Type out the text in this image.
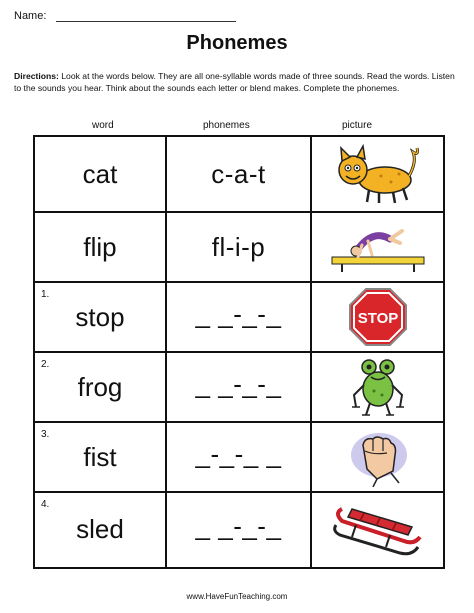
Name:
Phonemes
Directions: Look at the words below. They are all one-syllable words made of three sounds. Read the words. Listen to the sounds you hear. Think about the sounds each letter or blend makes. Complete the phonemes.
word	phonemes	picture
cat	c-a-t
flip	fl-i-p
1.
stop	_ _-_-_	STOP
2.
frog	_ _-_-_
3.
fist	_-_-_ _
4.
sled	_ _-_-_
www.HaveFunTeaching.com
